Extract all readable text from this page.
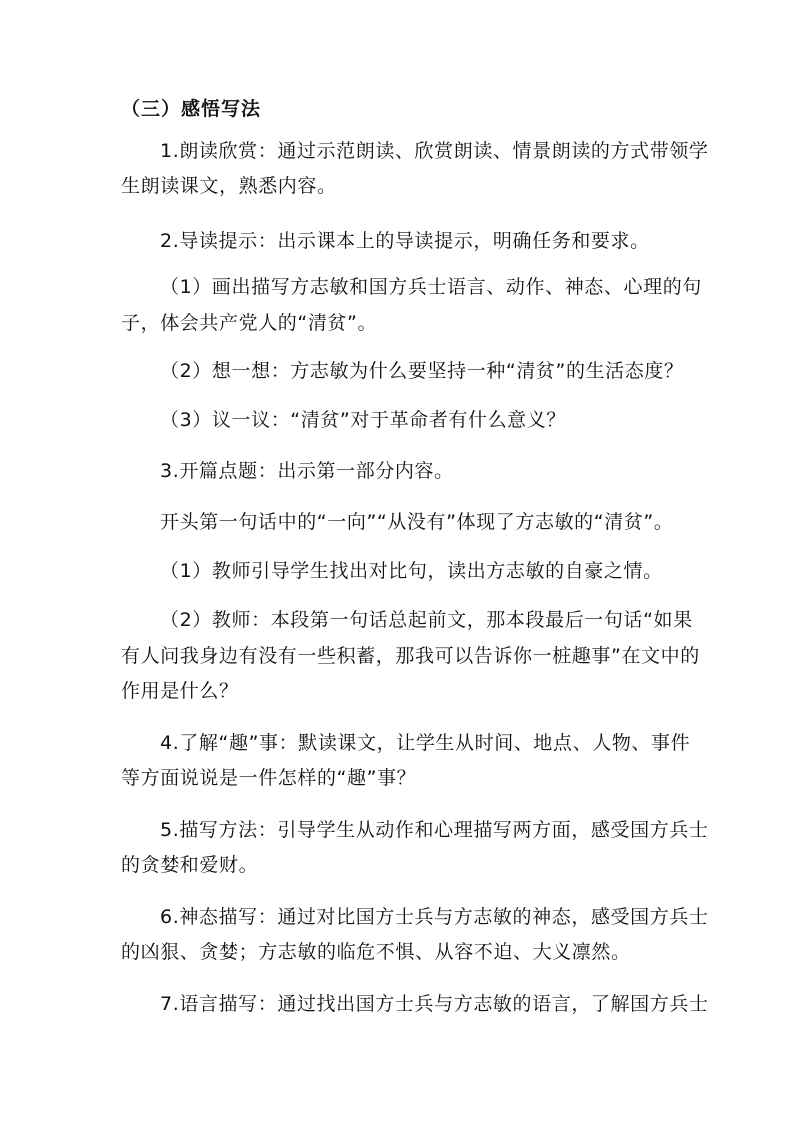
（三）感悟写法
1.朗读欣赏：通过示范朗读、欣赏朗读、情景朗读的方式带领学
生朗读课文，熟悉内容。
2.导读提示：出示课本上的导读提示，明确任务和要求。
（1）画出描写方志敏和国方兵士语言、动作、神态、心理的句
子，体会共产党人的“清贫”。
（2）想一想：方志敏为什么要坚持一种“清贫”的生活态度？
（3）议一议：“清贫”对于革命者有什么意义？
3.开篇点题：出示第一部分内容。
开头第一句话中的“一向”“从没有”体现了方志敏的“清贫”。
（1）教师引导学生找出对比句，读出方志敏的自豪之情。
（2）教师：本段第一句话总起前文，那本段最后一句话“如果
有人问我身边有没有一些积蓄，那我可以告诉你一桩趣事”在文中的
作用是什么？
4.了解“趣”事：默读课文，让学生从时间、地点、人物、事件
等方面说说是一件怎样的“趣”事？
5.描写方法：引导学生从动作和心理描写两方面，感受国方兵士
的贪婪和爱财。
6.神态描写：通过对比国方士兵与方志敏的神态，感受国方兵士
的凶狠、贪婪；方志敏的临危不惧、从容不迫、大义凛然。
7.语言描写：通过找出国方士兵与方志敏的语言，了解国方兵士
